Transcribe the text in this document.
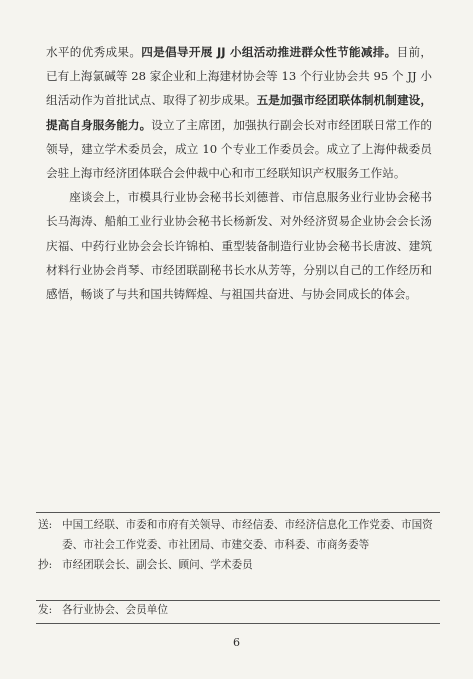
水平的优秀成果。四是倡导开展 JJ 小组活动推进群众性节能减排。目前，已有上海氯碱等 28 家企业和上海建材协会等 13 个行业协会共 95 个 JJ 小组活动作为首批试点、取得了初步成果。五是加强市经团联体制机制建设，提高自身服务能力。设立了主席团，加强执行副会长对市经团联日常工作的领导，建立学术委员会，成立 10 个专业工作委员会。成立了上海仲裁委员会驻上海市经济团体联合会仲裁中心和市工经联知识产权服务工作站。

座谈会上，市模具行业协会秘书长刘德普、市信息服务业行业协会秘书长马海涛、船舶工业行业协会秘书长杨新发、对外经济贸易企业协会会长汤庆福、中药行业协会会长许锦柏、重型装备制造行业协会秘书长唐波、建筑材料行业协会肖琴、市经团联副秘书长水从芳等，分别以自己的工作经历和感悟，畅谈了与共和国共铸辉煌、与祖国共奋进、与协会同成长的体会。

送: 中国工经联、市委和市府有关领导、市经信委、市经济信息化工作党委、市国资委、市社会工作党委、市社团局、市建交委、市科委、市商务委等
抄: 市经团联会长、副会长、顾问、学术委员
发: 各行业协会、会员单位
6
